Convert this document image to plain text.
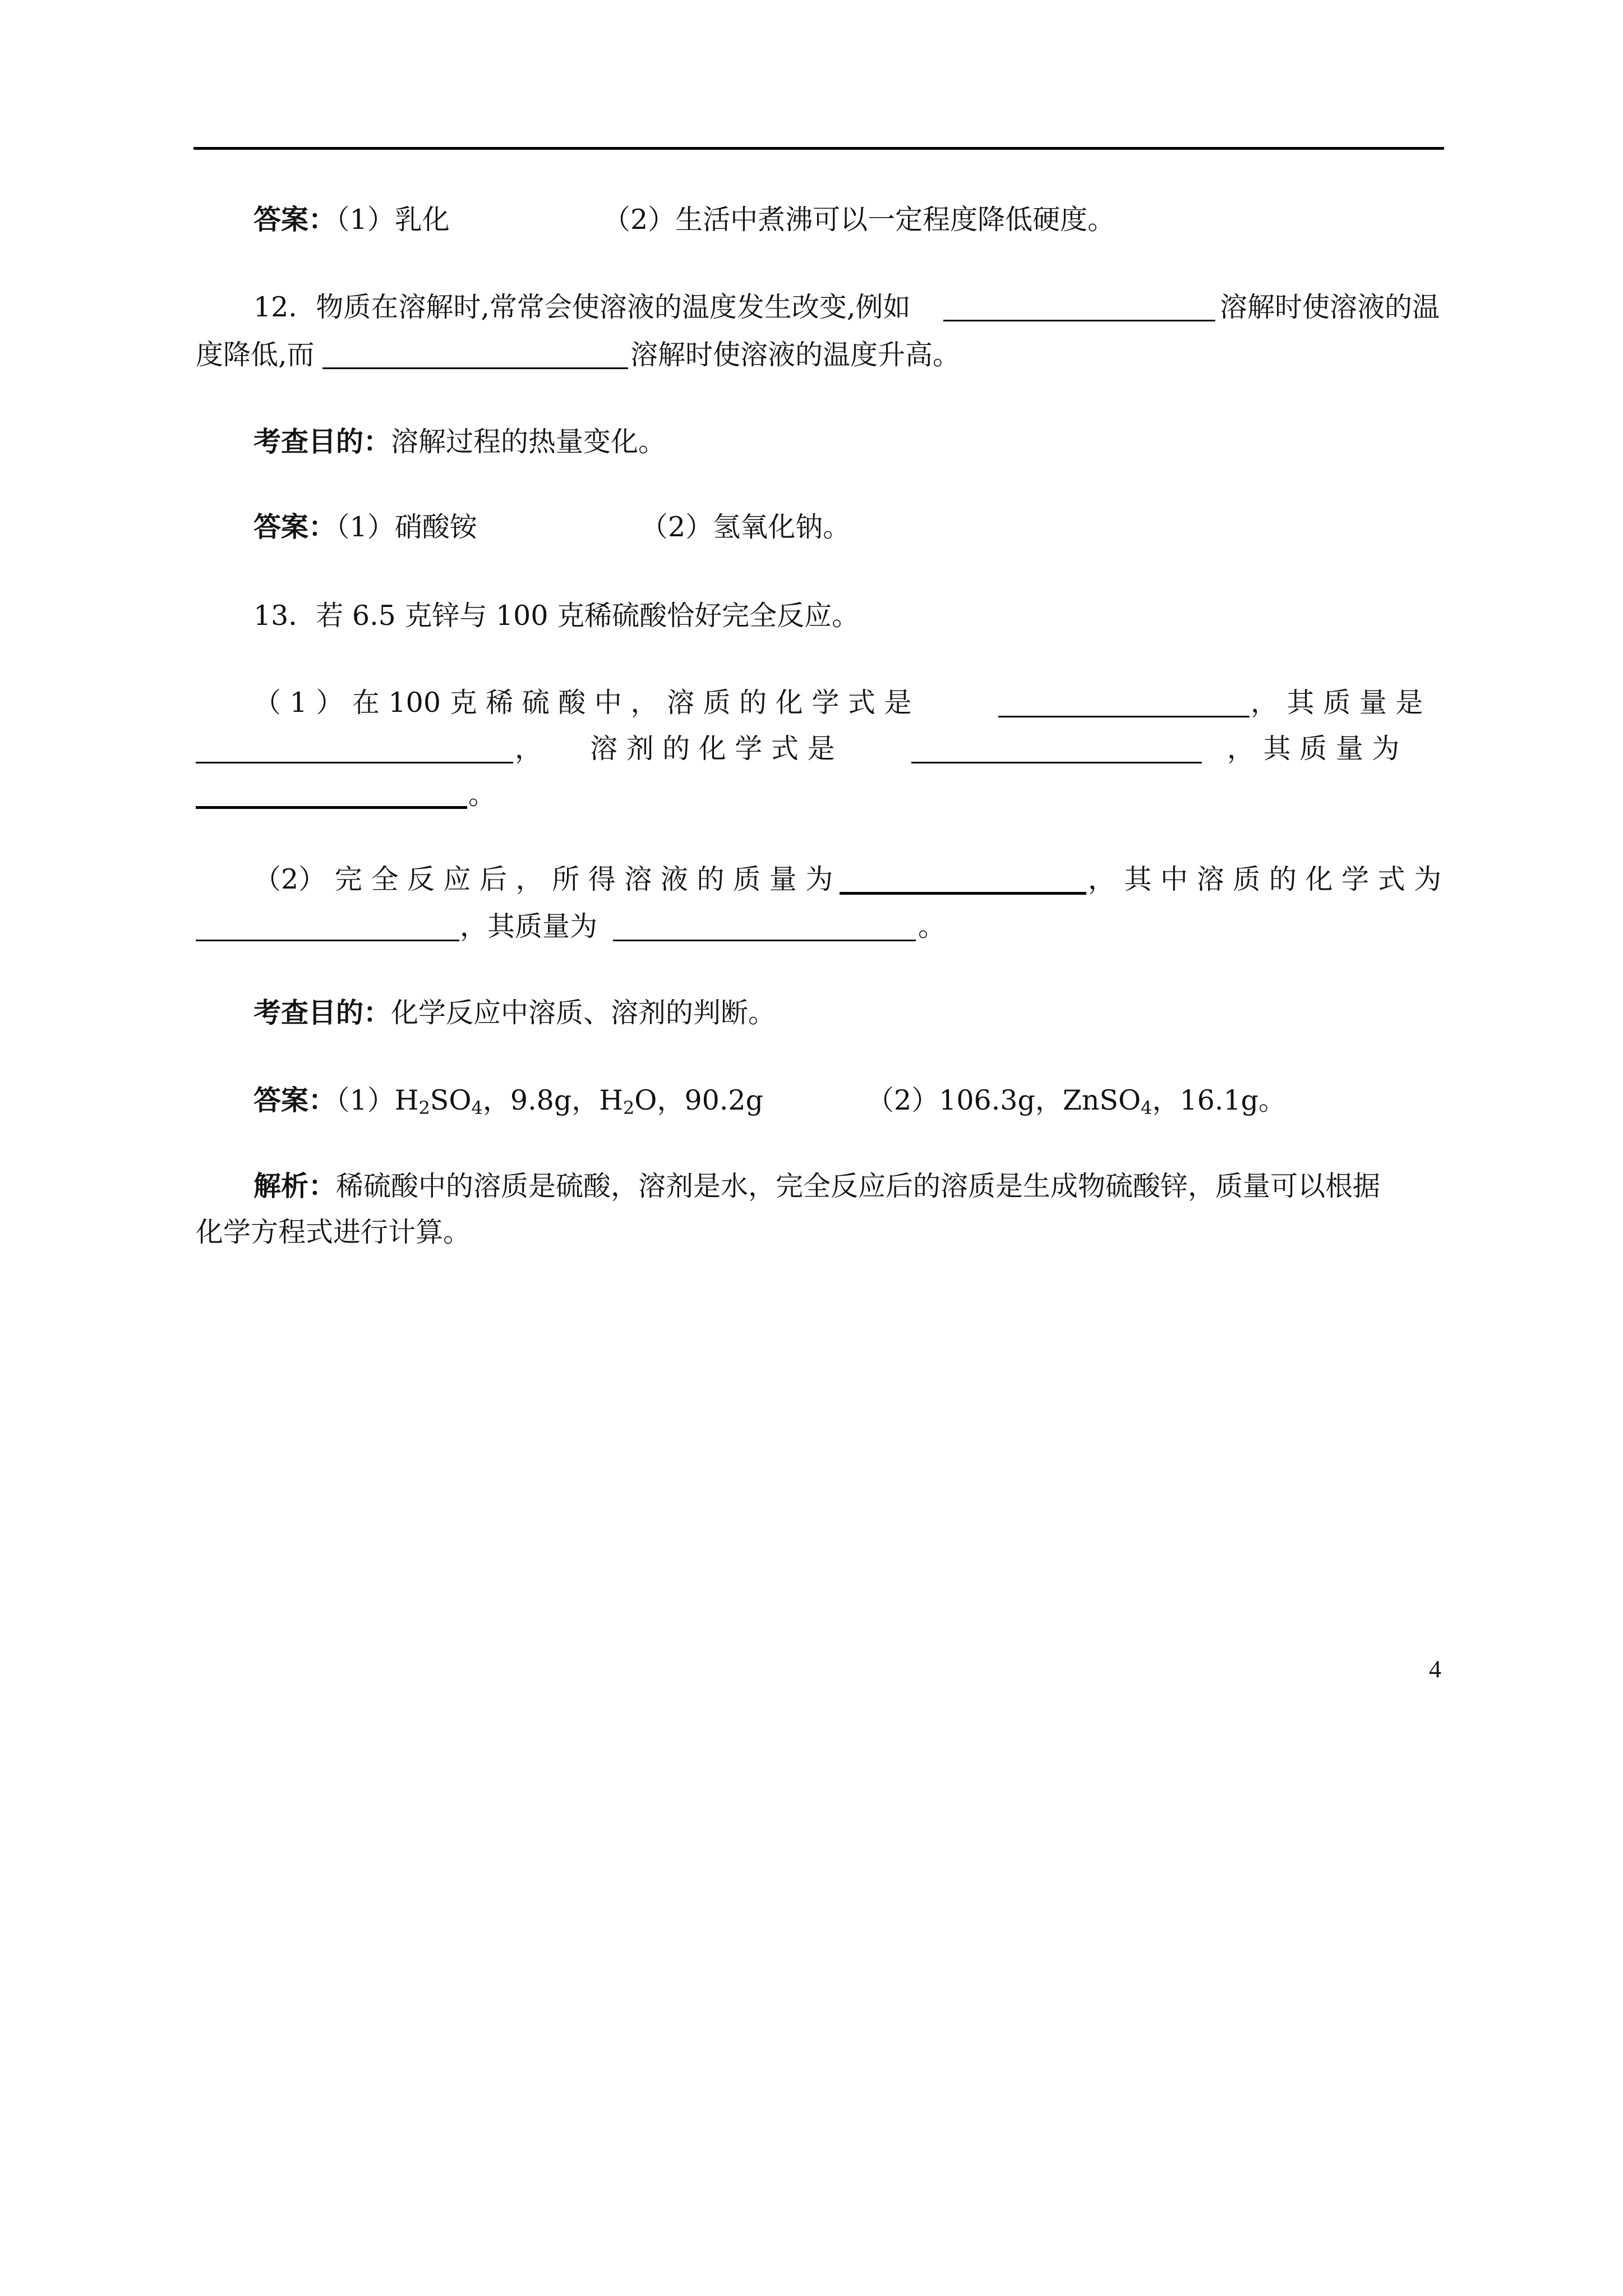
答案：（1）乳化	（2）生活中煮沸可以一定程度降低硬度。
12．物质在溶解时,常常会使溶液的温度发生改变,例如	溶解时使溶液的温
度降低,而	溶解时使溶液的温度升高。
考查目的：溶解过程的热量变化。
答案：（1）硝酸铵	（2）氢氧化钠。
13．若 6.5 克锌与 100 克稀硫酸恰好完全反应。
（ 1 ） 在 100 克 稀 硫 酸 中 ， 溶 质 的 化 学 式 是	， 其 质 量 是
， 溶 剂 的 化 学 式 是	， 其 质 量 为
。
（2） 完 全 反 应 后 ， 所 得 溶 液 的 质 量 为	， 其 中 溶 质 的 化 学 式 为
，其质量为	。
考查目的：化学反应中溶质、溶剂的判断。
答案：$(1)H_2SO_4$，9.8g，$H_2O$，90.2g	（2）106.3g，ZnSO$_4$，16.1g。
解析：稀硫酸中的溶质是硫酸，溶剂是水，完全反应后的溶质是生成物硫酸锌，质量可以根据
化学方程式进行计算。
4
